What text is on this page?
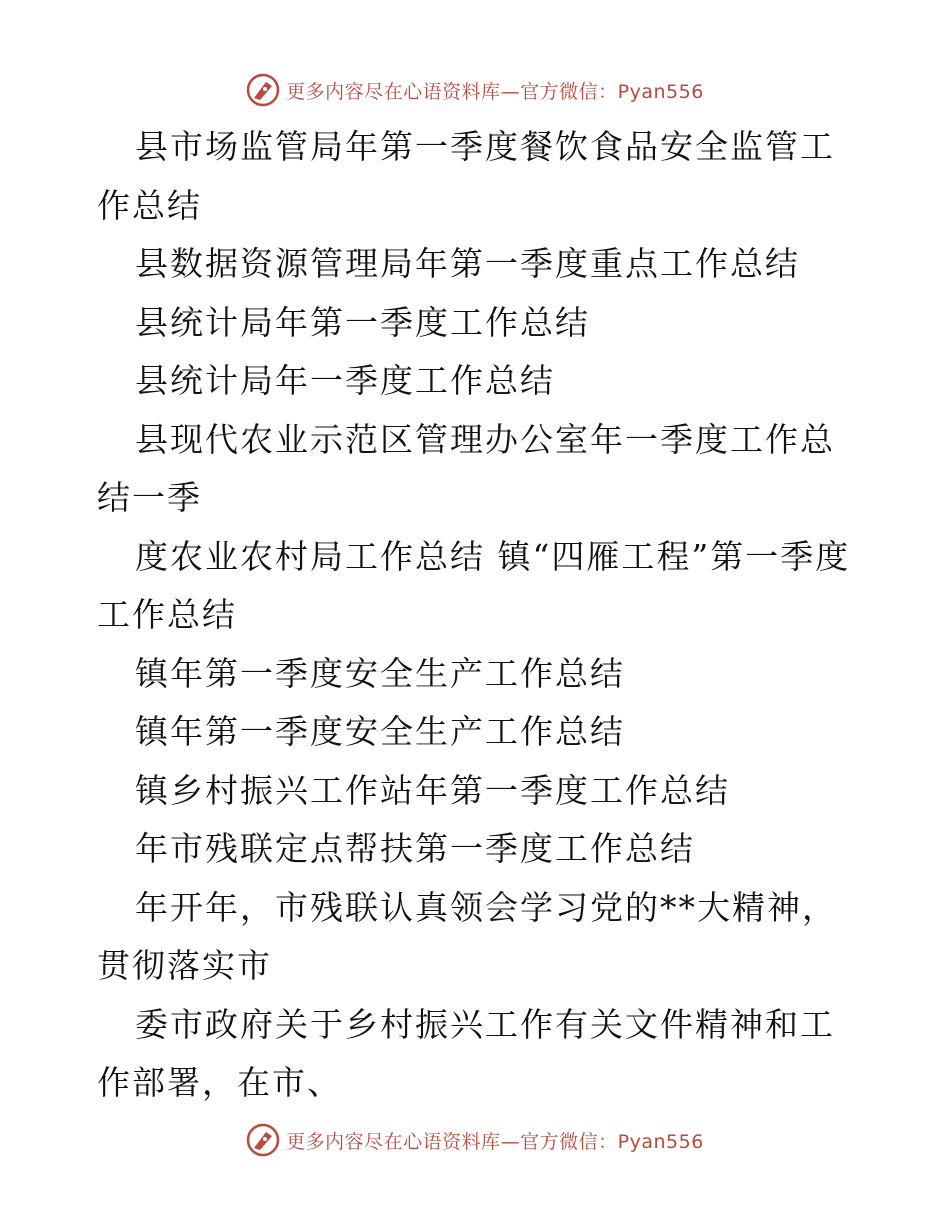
更多内容尽在心语资料库—官方微信：Pyan556

县市场监管局年第一季度餐饮食品安全监管工作总结

县数据资源管理局年第一季度重点工作总结

县统计局年第一季度工作总结

县统计局年一季度工作总结

县现代农业示范区管理办公室年一季度工作总结一季

度农业农村局工作总结 镇“四雁工程”第一季度工作总结

镇年第一季度安全生产工作总结

镇年第一季度安全生产工作总结

镇乡村振兴工作站年第一季度工作总结

年市残联定点帮扶第一季度工作总结

年开年，市残联认真领会学习党的**大精神，贯彻落实市

委市政府关于乡村振兴工作有关文件精神和工作部署，在市、

更多内容尽在心语资料库—官方微信：Pyan556
